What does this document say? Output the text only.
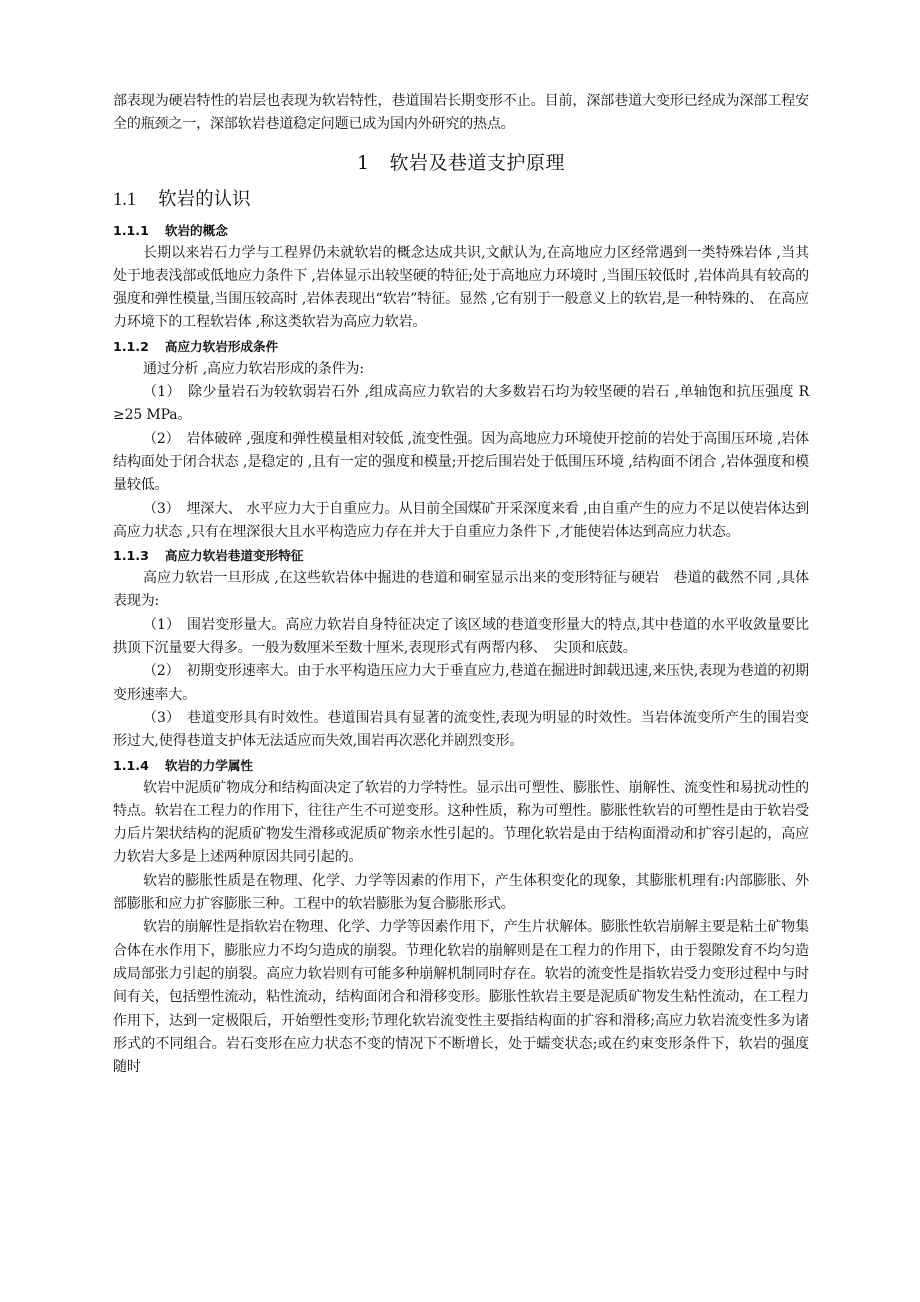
部表现为硬岩特性的岩层也表现为软岩特性，巷道围岩长期变形不止。目前，深部巷道大变形已经成为深部工程安全的瓶颈之一，深部软岩巷道稳定问题已成为国内外研究的热点。

1 软岩及巷道支护原理
1.1 软岩的认识
1.1.1 软岩的概念

长期以来岩石力学与工程界仍未就软岩的概念达成共识,文献认为,在高地应力区经常遇到一类特殊岩体 ,当其处于地表浅部或低地应力条件下 ,岩体显示出较坚硬的特征;处于高地应力环境时 ,当围压较低时 ,岩体尚具有较高的强度和弹性模量,当围压较高时 ,岩体表现出“软岩”特征。显然 ,它有别于一般意义上的软岩,是一种特殊的、 在高应力环境下的工程软岩体 ,称这类软岩为高应力软岩。

1.1.2 高应力软岩形成条件

通过分析 ,高应力软岩形成的条件为:

（1）　除少量岩石为较软弱岩石外 ,组成高应力软岩的大多数岩石均为较坚硬的岩石 ,单轴饱和抗压强度 R ≥25 MPa。

（2）　岩体破碎 ,强度和弹性模量相对较低 ,流变性强。因为高地应力环境使开挖前的岩处于高围压环境 ,岩体结构面处于闭合状态 ,是稳定的 ,且有一定的强度和模量;开挖后围岩处于低围压环境 ,结构面不闭合 ,岩体强度和模量较低。

（3）　埋深大、 水平应力大于自重应力。从目前全国煤矿开采深度来看 ,由自重产生的应力不足以使岩体达到高应力状态 ,只有在埋深很大且水平构造应力存在并大于自重应力条件下 ,才能使岩体达到高应力状态。

1.1.3 高应力软岩巷道变形特征

高应力软岩一旦形成 ,在这些软岩体中掘进的巷道和硐室显示出来的变形特征与硬岩　巷道的截然不同 ,具体表现为:

（1）　围岩变形量大。高应力软岩自身特征决定了该区域的巷道变形量大的特点,其中巷道的水平收敛量要比拱顶下沉量要大得多。一般为数厘米至数十厘米,表现形式有两帮内移、　尖顶和底鼓。

（2）　初期变形速率大。由于水平构造压应力大于垂直应力,巷道在掘进时卸载迅速,来压快,表现为巷道的初期变形速率大。

（3）　巷道变形具有时效性。巷道围岩具有显著的流变性,表现为明显的时效性。当岩体流变所产生的围岩变形过大,使得巷道支护体无法适应而失效,围岩再次恶化并剧烈变形。

1.1.4 软岩的力学属性

软岩中泥质矿物成分和结构面决定了软岩的力学特性。显示出可塑性、膨胀性、崩解性、流变性和易扰动性的特点。软岩在工程力的作用下，往往产生不可逆变形。这种性质，称为可塑性。膨胀性软岩的可塑性是由于软岩受力后片架状结构的泥质矿物发生滑移或泥质矿物亲水性引起的。节理化软岩是由于结构面滑动和扩容引起的，高应力软岩大多是上述两种原因共同引起的。

软岩的膨胀性质是在物理、化学、力学等因素的作用下，产生体积变化的现象，其膨胀机理有:内部膨胀、外部膨胀和应力扩容膨胀三种。工程中的软岩膨胀为复合膨胀形式。

软岩的崩解性是指软岩在物理、化学、力学等因素作用下，产生片状解体。膨胀性软岩崩解主要是粘土矿物集合体在水作用下，膨胀应力不均匀造成的崩裂。节理化软岩的崩解则是在工程力的作用下，由于裂隙发育不均匀造成局部张力引起的崩裂。高应力软岩则有可能多种崩解机制同时存在。软岩的流变性是指软岩受力变形过程中与时间有关，包括塑性流动，粘性流动，结构面闭合和滑移变形。膨胀性软岩主要是泥质矿物发生粘性流动，在工程力作用下，达到一定极限后，开始塑性变形;节理化软岩流变性主要指结构面的扩容和滑移;高应力软岩流变性多为诸形式的不同组合。岩石变形在应力状态不变的情况下不断增长，处于蠕变状态;或在约束变形条件下，软岩的强度随时
